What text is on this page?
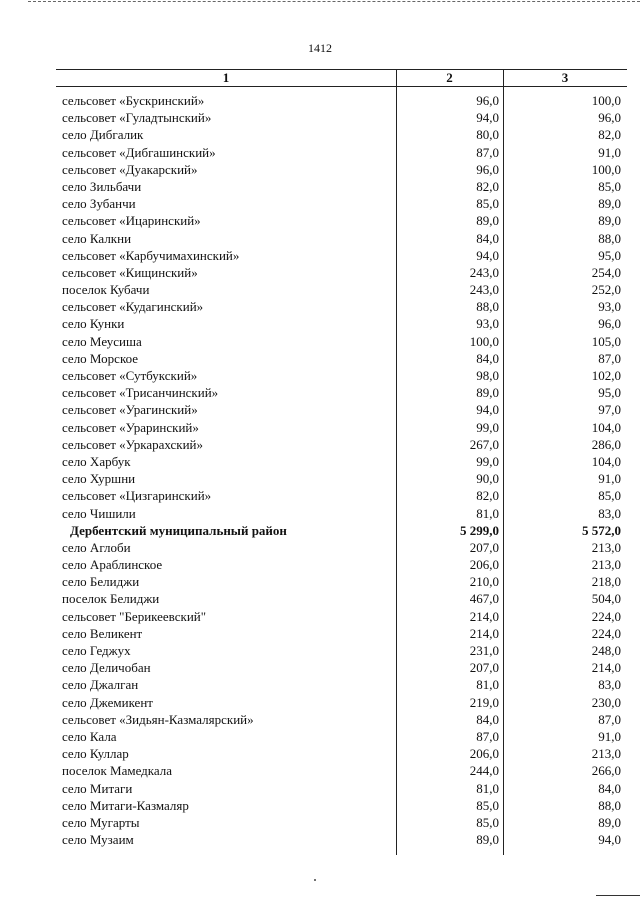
1412
1	2	3
сельсовет «Бускринский»	96,0	100,0
сельсовет «Гуладтынский»	94,0	96,0
село Дибгалик	80,0	82,0
сельсовет «Дибгашинский»	87,0	91,0
сельсовет «Дуакарский»	96,0	100,0
село Зильбачи	82,0	85,0
село Зубанчи	85,0	89,0
сельсовет «Ицаринский»	89,0	89,0
село Калкни	84,0	88,0
сельсовет «Карбучимахинский»	94,0	95,0
сельсовет «Кищинский»	243,0	254,0
поселок Кубачи	243,0	252,0
сельсовет «Кудагинский»	88,0	93,0
село Кунки	93,0	96,0
село Меусиша	100,0	105,0
село Морское	84,0	87,0
сельсовет «Сутбукский»	98,0	102,0
сельсовет «Трисанчинский»	89,0	95,0
сельсовет «Урагинский»	94,0	97,0
сельсовет «Ураринский»	99,0	104,0
сельсовет «Уркарахский»	267,0	286,0
село Харбук	99,0	104,0
село Хуршни	90,0	91,0
сельсовет «Цизгаринский»	82,0	85,0
село Чишили	81,0	83,0
Дербентский муниципальный район	5 299,0	5 572,0
село Аглоби	207,0	213,0
село Араблинское	206,0	213,0
село Белиджи	210,0	218,0
поселок Белиджи	467,0	504,0
сельсовет "Берикеевский"	214,0	224,0
село Великент	214,0	224,0
село Геджух	231,0	248,0
село Деличобан	207,0	214,0
село Джалган	81,0	83,0
село Джемикент	219,0	230,0
сельсовет «Зидьян-Казмалярский»	84,0	87,0
село Кала	87,0	91,0
село Куллар	206,0	213,0
поселок Мамедкала	244,0	266,0
село Митаги	81,0	84,0
село Митаги-Казмаляр	85,0	88,0
село Мугарты	85,0	89,0
село Музаим	89,0	94,0
